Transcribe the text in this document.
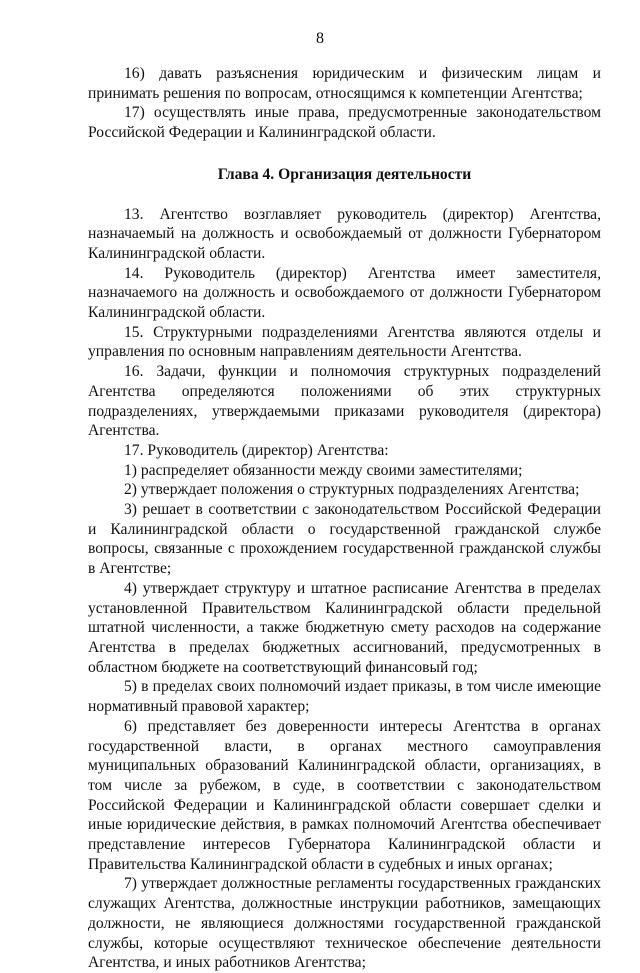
8

16) давать разъяснения юридическим и физическим лицам и принимать решения по вопросам, относящимся к компетенции Агентства;

17) осуществлять иные права, предусмотренные законодательством Российской Федерации и Калининградской области.

Глава 4. Организация деятельности

13. Агентство возглавляет руководитель (директор) Агентства, назначаемый на должность и освобождаемый от должности Губернатором Калининградской области.

14. Руководитель (директор) Агентства имеет заместителя, назначаемого на должность и освобождаемого от должности Губернатором Калининградской области.

15. Структурными подразделениями Агентства являются отделы и управления по основным направлениям деятельности Агентства.

16. Задачи, функции и полномочия структурных подразделений Агентства определяются положениями об этих структурных подразделениях, утверждаемыми приказами руководителя (директора) Агентства.

17. Руководитель (директор) Агентства:

1) распределяет обязанности между своими заместителями;

2) утверждает положения о структурных подразделениях Агентства;

3) решает в соответствии с законодательством Российской Федерации и Калининградской области о государственной гражданской службе вопросы, связанные с прохождением государственной гражданской службы в Агентстве;

4) утверждает структуру и штатное расписание Агентства в пределах установленной Правительством Калининградской области предельной штатной численности, а также бюджетную смету расходов на содержание Агентства в пределах бюджетных ассигнований, предусмотренных в областном бюджете на соответствующий финансовый год;

5) в пределах своих полномочий издает приказы, в том числе имеющие нормативный правовой характер;

6) представляет без доверенности интересы Агентства в органах государственной власти, в органах местного самоуправления муниципальных образований Калининградской области, организациях, в том числе за рубежом, в суде, в соответствии с законодательством Российской Федерации и Калининградской области совершает сделки и иные юридические действия, в рамках полномочий Агентства обеспечивает представление интересов Губернатора Калининградской области и Правительства Калининградской области в судебных и иных органах;

7) утверждает должностные регламенты государственных гражданских служащих Агентства, должностные инструкции работников, замещающих должности, не являющиеся должностями государственной гражданской службы, которые осуществляют техническое обеспечение деятельности Агентства, и иных работников Агентства;
